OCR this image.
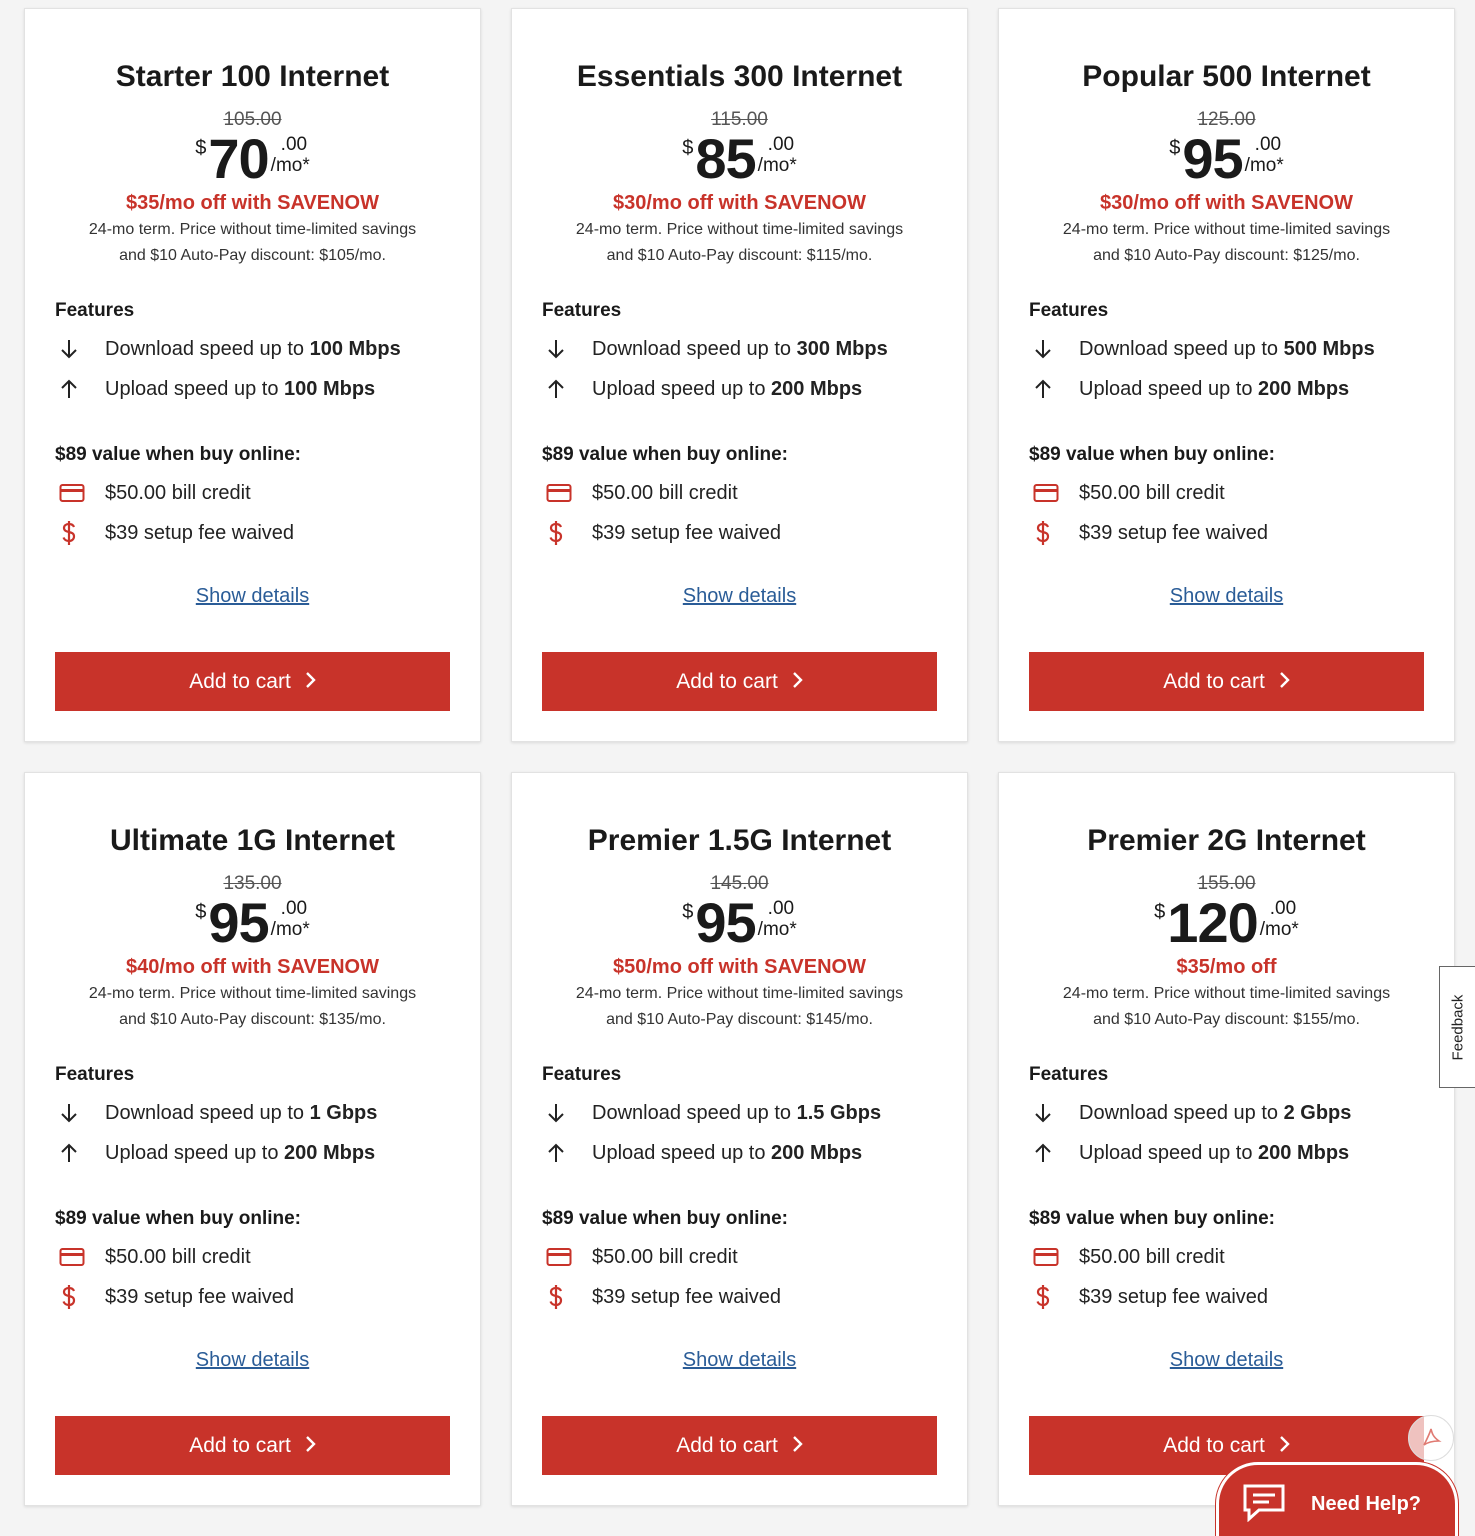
Starter 100 Internet
105.00
$ 70 .00
/mo*
$35/mo off with SAVENOW
24-mo term. Price without time-limited savings
and $10 Auto-Pay discount: $105/mo.
Features
Download speed up to 100 Mbps
Upload speed up to 100 Mbps
$89 value when buy online:
$50.00 bill credit
$39 setup fee waived
Show details
Add to cart
Essentials 300 Internet
115.00
$ 85 .00
/mo*
$30/mo off with SAVENOW
24-mo term. Price without time-limited savings
and $10 Auto-Pay discount: $115/mo.
Features
Download speed up to 300 Mbps
Upload speed up to 200 Mbps
$89 value when buy online:
$50.00 bill credit
$39 setup fee waived
Show details
Add to cart
Popular 500 Internet
125.00
$ 95 .00
/mo*
$30/mo off with SAVENOW
24-mo term. Price without time-limited savings
and $10 Auto-Pay discount: $125/mo.
Features
Download speed up to 500 Mbps
Upload speed up to 200 Mbps
$89 value when buy online:
$50.00 bill credit
$39 setup fee waived
Show details
Add to cart
Ultimate 1G Internet
135.00
$ 95 .00
/mo*
$40/mo off with SAVENOW
24-mo term. Price without time-limited savings
and $10 Auto-Pay discount: $135/mo.
Features
Download speed up to 1 Gbps
Upload speed up to 200 Mbps
$89 value when buy online:
$50.00 bill credit
$39 setup fee waived
Show details
Add to cart
Premier 1.5G Internet
145.00
$ 95 .00
/mo*
$50/mo off with SAVENOW
24-mo term. Price without time-limited savings
and $10 Auto-Pay discount: $145/mo.
Features
Download speed up to 1.5 Gbps
Upload speed up to 200 Mbps
$89 value when buy online:
$50.00 bill credit
$39 setup fee waived
Show details
Add to cart
Premier 2G Internet
155.00
$ 120 .00
/mo*
$35/mo off
24-mo term. Price without time-limited savings
and $10 Auto-Pay discount: $155/mo.
Features
Download speed up to 2 Gbps
Upload speed up to 200 Mbps
$89 value when buy online:
$50.00 bill credit
$39 setup fee waived
Show details
Add to cart
Feedback
Need Help?
